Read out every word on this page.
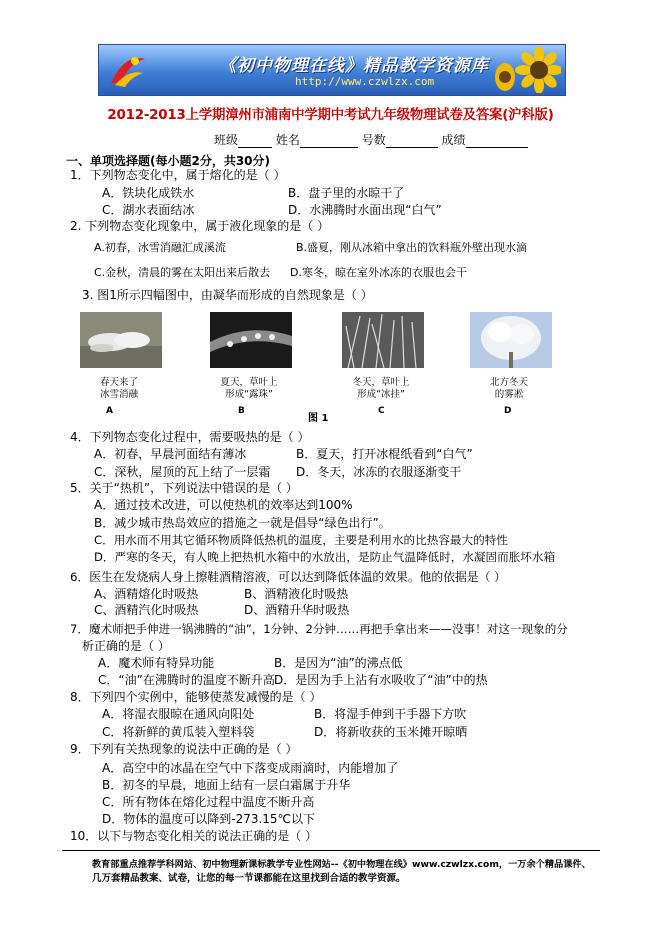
《初中物理在线》精品教学资源库
http://www.czwlzx.com
2012-2013上学期漳州市浦南中学期中考试九年级物理试卷及答案(沪科版)
班级	姓名	号数	成绩
一、单项选择题(每小题2分，共30分)
1．下列物态变化中，属于熔化的是（ ）
A．铁块化成铁水	B．盘子里的水晾干了
C．湖水表面结冰	D．水沸腾时水面出现“白气”
2. 下列物态变化现象中，属于液化现象的是（ ）
A.初春，冰雪消融汇成溪流	B.盛夏，刚从冰箱中拿出的饮料瓶外壁出现水滴
C.金秋，清晨的雾在太阳出来后散去 D.寒冬，晾在室外冰冻的衣服也会干
3. 图1所示四幅图中，由凝华而形成的自然现象是（ ）
春天来了
冰雪消融
夏天，草叶上
形成“露珠”
冬天，草叶上
形成“冰挂”
北方冬天
的雾凇
A	B	C	D
图 1
4．下列物态变化过程中，需要吸热的是（ ）
A．初春，早晨河面结有薄冰	B．夏天，打开冰棍纸看到“白气”
C．深秋，屋顶的瓦上结了一层霜 D．冬天，冰冻的衣服逐渐变干
5．关于“热机”，下列说法中错误的是（ ）
A．通过技术改进，可以使热机的效率达到100%
B．减少城市热岛效应的措施之一就是倡导“绿色出行”。
C．用水而不用其它循环物质降低热机的温度，主要是利用水的比热容最大的特性
D．严寒的冬天，有人晚上把热机水箱中的水放出，是防止气温降低时，水凝固而胀坏水箱
6．医生在发烧病人身上擦鞋酒精溶液，可以达到降低体温的效果。他的依据是（ ）
A、酒精熔化时吸热	B、酒精液化时吸热
C、酒精汽化时吸热	D、酒精升华时吸热
7．魔术师把手伸进一锅沸腾的“油”，1分钟、2分钟……再把手拿出来——没事！对这一现象的分
析正确的是（ ）
A．魔术师有特异功能	B．是因为“油”的沸点低
C．“油”在沸腾时的温度不断升高 D．是因为手上沾有水吸收了“油”中的热
8．下列四个实例中，能够使蒸发减慢的是（ ）
A．将湿衣服晾在通风向阳处	B．将湿手伸到干手器下方吹
C．将新鲜的黄瓜装入塑料袋	D．将新收获的玉米摊开晾晒
9．下列有关热现象的说法中正确的是（ ）
A．高空中的冰晶在空气中下落变成雨滴时，内能增加了
B．初冬的早晨，地面上结有一层白霜属于升华
C．所有物体在熔化过程中温度不断升高
D．物体的温度可以降到-273.15℃以下
10．以下与物态变化相关的说法正确的是（ ）
教育部重点推荐学科网站、初中物理新课标教学专业性网站--《初中物理在线》www.czwlzx.com，一万余个精品课件、
几万套精品教案、试卷，让您的每一节课都能在这里找到合适的教学资源。
